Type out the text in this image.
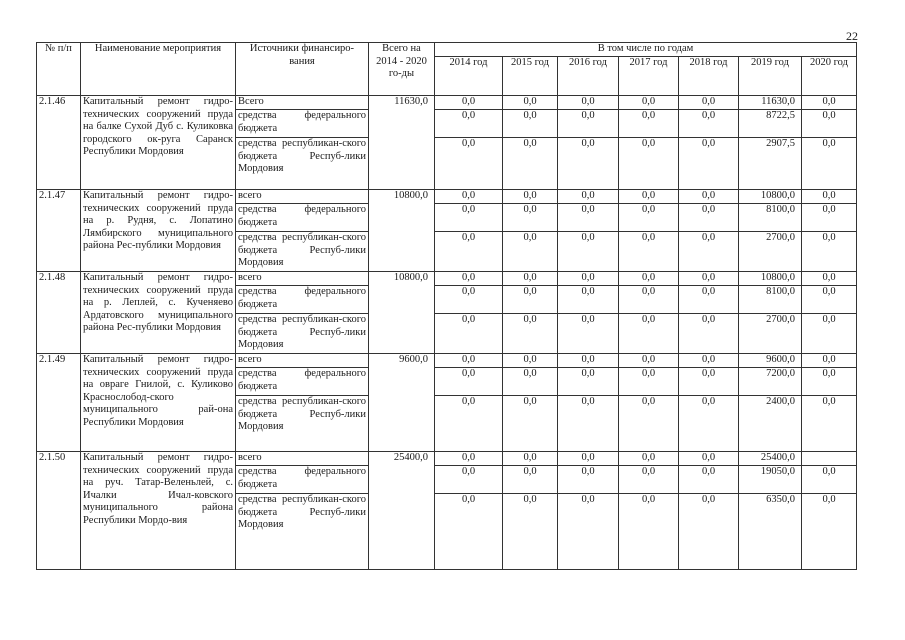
22
№ п/п	Наименование мероприятия	Источники финансиро-вания	Всего на 2014 - 2020 го-ды	В том числе по годам						
				2014 год	2015 год	2016 год	2017 год	2018 год	2019 год	2020 год
2.1.46	Капитальный ремонт гидро-технических сооружений пруда на балке Сухой Дуб с. Куликовка городского ок-руга Саранск Республики Мордовия	Всего	11630,0	0,0	0,0	0,0	0,0	0,0	11630,0	0,0
		средства федерального бюджета		0,0	0,0	0,0	0,0	0,0	8722,5	0,0
		средства республикан-ского бюджета Респуб-лики Мордовия		0,0	0,0	0,0	0,0	0,0	2907,5	0,0
2.1.47	Капитальный ремонт гидро-технических сооружений пруда на р. Рудня, с. Лопатино Лямбирского муниципального района Рес-публики Мордовия	всего	10800,0	0,0	0,0	0,0	0,0	0,0	10800,0	0,0
		средства федерального бюджета		0,0	0,0	0,0	0,0	0,0	8100,0	0,0
		средства республикан-ского бюджета Респуб-лики Мордовия		0,0	0,0	0,0	0,0	0,0	2700,0	0,0
2.1.48	Капитальный ремонт гидро-технических сооружений пруда на р. Леплей, с. Кученяево Ардатовского муниципального района Рес-публики Мордовия	всего	10800,0	0,0	0,0	0,0	0,0	0,0	10800,0	0,0
		средства федерального бюджета		0,0	0,0	0,0	0,0	0,0	8100,0	0,0
		средства республикан-ского бюджета Респуб-лики Мордовия		0,0	0,0	0,0	0,0	0,0	2700,0	0,0
2.1.49	Капитальный ремонт гидро-технических сооружений пруда на овраге Гнилой, с. Куликово Краснослобод-ского муниципального рай-она Республики Мордовия	всего	9600,0	0,0	0,0	0,0	0,0	0,0	9600,0	0,0
		средства федерального бюджета		0,0	0,0	0,0	0,0	0,0	7200,0	0,0
		средства республикан-ского бюджета Респуб-лики Мордовия		0,0	0,0	0,0	0,0	0,0	2400,0	0,0
2.1.50	Капитальный ремонт гидро-технических сооружений пруда на руч. Татар-Веленьлей, с. Ичалки Ичал-ковского муниципального района Республики Мордо-вия	всего	25400,0	0,0	0,0	0,0	0,0	0,0	25400,0	
		средства федерального бюджета		0,0	0,0	0,0	0,0	0,0	19050,0	0,0
		средства республикан-ского бюджета Респуб-лики Мордовия		0,0	0,0	0,0	0,0	0,0	6350,0	0,0
